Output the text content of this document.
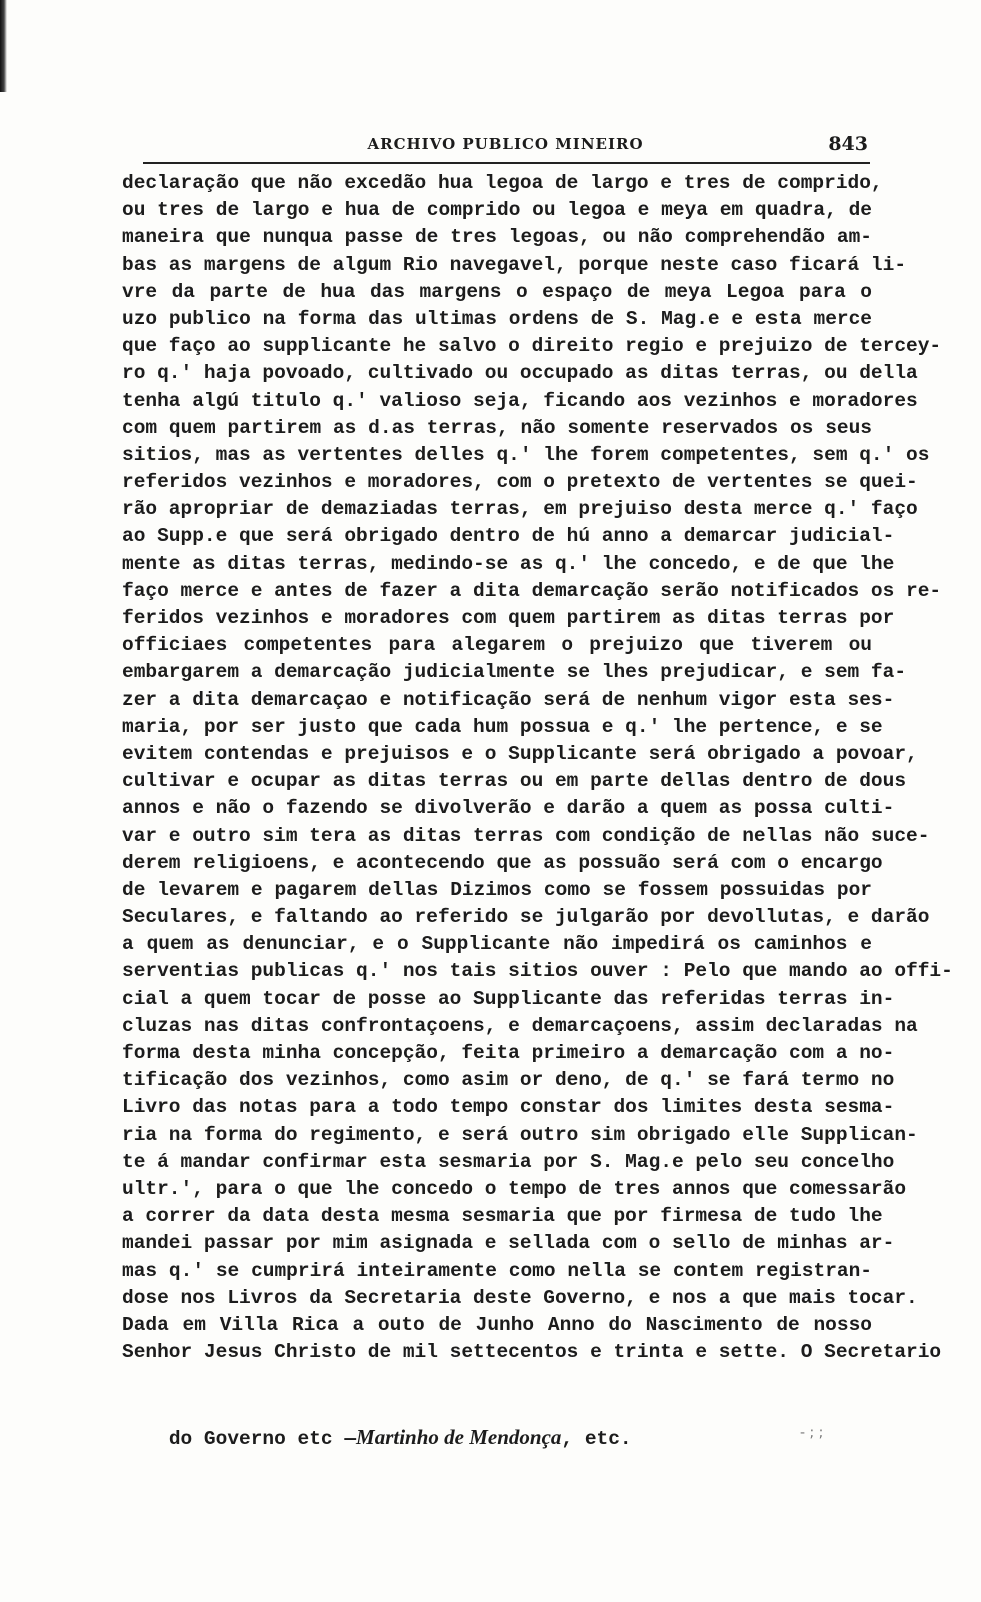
ARCHIVO PUBLICO MINEIRO	843
declaração que não excedão hua legoa de largo e tres de comprido,
ou tres de largo e hua de comprido ou legoa e meya em quadra, de
maneira que nunqua passe de tres legoas, ou não comprehendão am-
bas as margens de algum Rio navegavel, porque neste caso ficará li-
vre da parte de hua das margens o espaço de meya Legoa para o
uzo publico na forma das ultimas ordens de S. Mag.e e esta merce
que faço ao supplicante he salvo o direito regio e prejuizo de tercey-
ro q.' haja povoado, cultivado ou occupado as ditas terras, ou della
tenha algú titulo q.' valioso seja, ficando aos vezinhos e moradores
com quem partirem as d.as terras, não somente reservados os seus
sitios, mas as vertentes delles q.' lhe forem competentes, sem q.' os
referidos vezinhos e moradores, com o pretexto de vertentes se quei-
rão apropriar de demaziadas terras, em prejuiso desta merce q.' faço
ao Supp.e que será obrigado dentro de hú anno a demarcar judicial-
mente as ditas terras, medindo-se as q.' lhe concedo, e de que lhe
faço merce e antes de fazer a dita demarcação serão notificados os re-
feridos vezinhos e moradores com quem partirem as ditas terras por
officiaes competentes para alegarem o prejuizo que tiverem ou
embargarem a demarcação judicialmente se lhes prejudicar, e sem fa-
zer a dita demarcaçao e notificação será de nenhum vigor esta ses-
maria, por ser justo que cada hum possua e q.' lhe pertence, e se
evitem contendas e prejuisos e o Supplicante será obrigado a povoar,
cultivar e ocupar as ditas terras ou em parte dellas dentro de dous
annos e não o fazendo se divolverão e darão a quem as possa culti-
var e outro sim tera as ditas terras com condição de nellas não suce-
derem religioens, e acontecendo que as possuão será com o encargo
de levarem e pagarem dellas Dizimos como se fossem possuidas por
Seculares, e faltando ao referido se julgarão por devollutas, e darão
a quem as denunciar, e o Supplicante não impedirá os caminhos e
serventias publicas q.' nos tais sitios ouver : Pelo que mando ao offi-
cial a quem tocar de posse ao Supplicante das referidas terras in-
cluzas nas ditas confrontaçoens, e demarcaçoens, assim declaradas na
forma desta minha concepção, feita primeiro a demarcação com a no-
tificação dos vezinhos, como asim or deno, de q.' se fará termo no
Livro das notas para a todo tempo constar dos limites desta sesma-
ria na forma do regimento, e será outro sim obrigado elle Supplican-
te á mandar confirmar esta sesmaria por S. Mag.e pelo seu concelho
ultr.', para o que lhe concedo o tempo de tres annos que comessarão
a correr da data desta mesma sesmaria que por firmesa de tudo lhe
mandei passar por mim asignada e sellada com o sello de minhas ar-
mas q.' se cumprirá inteiramente como nella se contem registran-
dose nos Livros da Secretaria deste Governo, e nos a que mais tocar.
Dada em Villa Rica a outo de Junho Anno do Nascimento de nosso
Senhor Jesus Christo de mil settecentos e trinta e sette. O Secretario

do Governo etc —Martinho de Mendonça, etc.
	- ; ;
